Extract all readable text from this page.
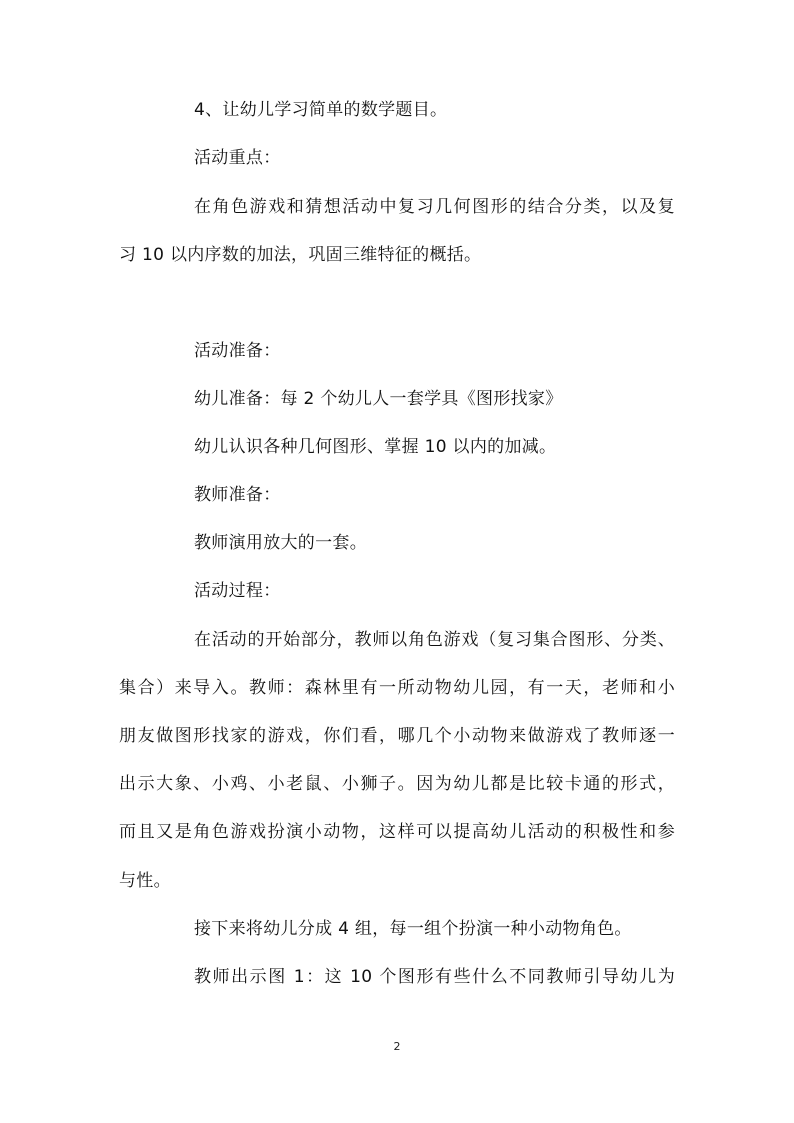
4、让幼儿学习简单的数学题目。
活动重点：
在角色游戏和猜想活动中复习几何图形的结合分类，以及复
习 10 以内序数的加法，巩固三维特征的概括。
活动准备：
幼儿准备：每 2 个幼儿人一套学具《图形找家》
幼儿认识各种几何图形、掌握 10 以内的加减。
教师准备：
教师演用放大的一套。
活动过程：
在活动的开始部分，教师以角色游戏（复习集合图形、分类、
集合）来导入。教师：森林里有一所动物幼儿园，有一天，老师和小
朋友做图形找家的游戏，你们看，哪几个小动物来做游戏了教师逐一
出示大象、小鸡、小老鼠、小狮子。因为幼儿都是比较卡通的形式，
而且又是角色游戏扮演小动物，这样可以提高幼儿活动的积极性和参
与性。
接下来将幼儿分成 4 组，每一组个扮演一种小动物角色。
教师出示图 1：这 10 个图形有些什么不同教师引导幼儿为
2
